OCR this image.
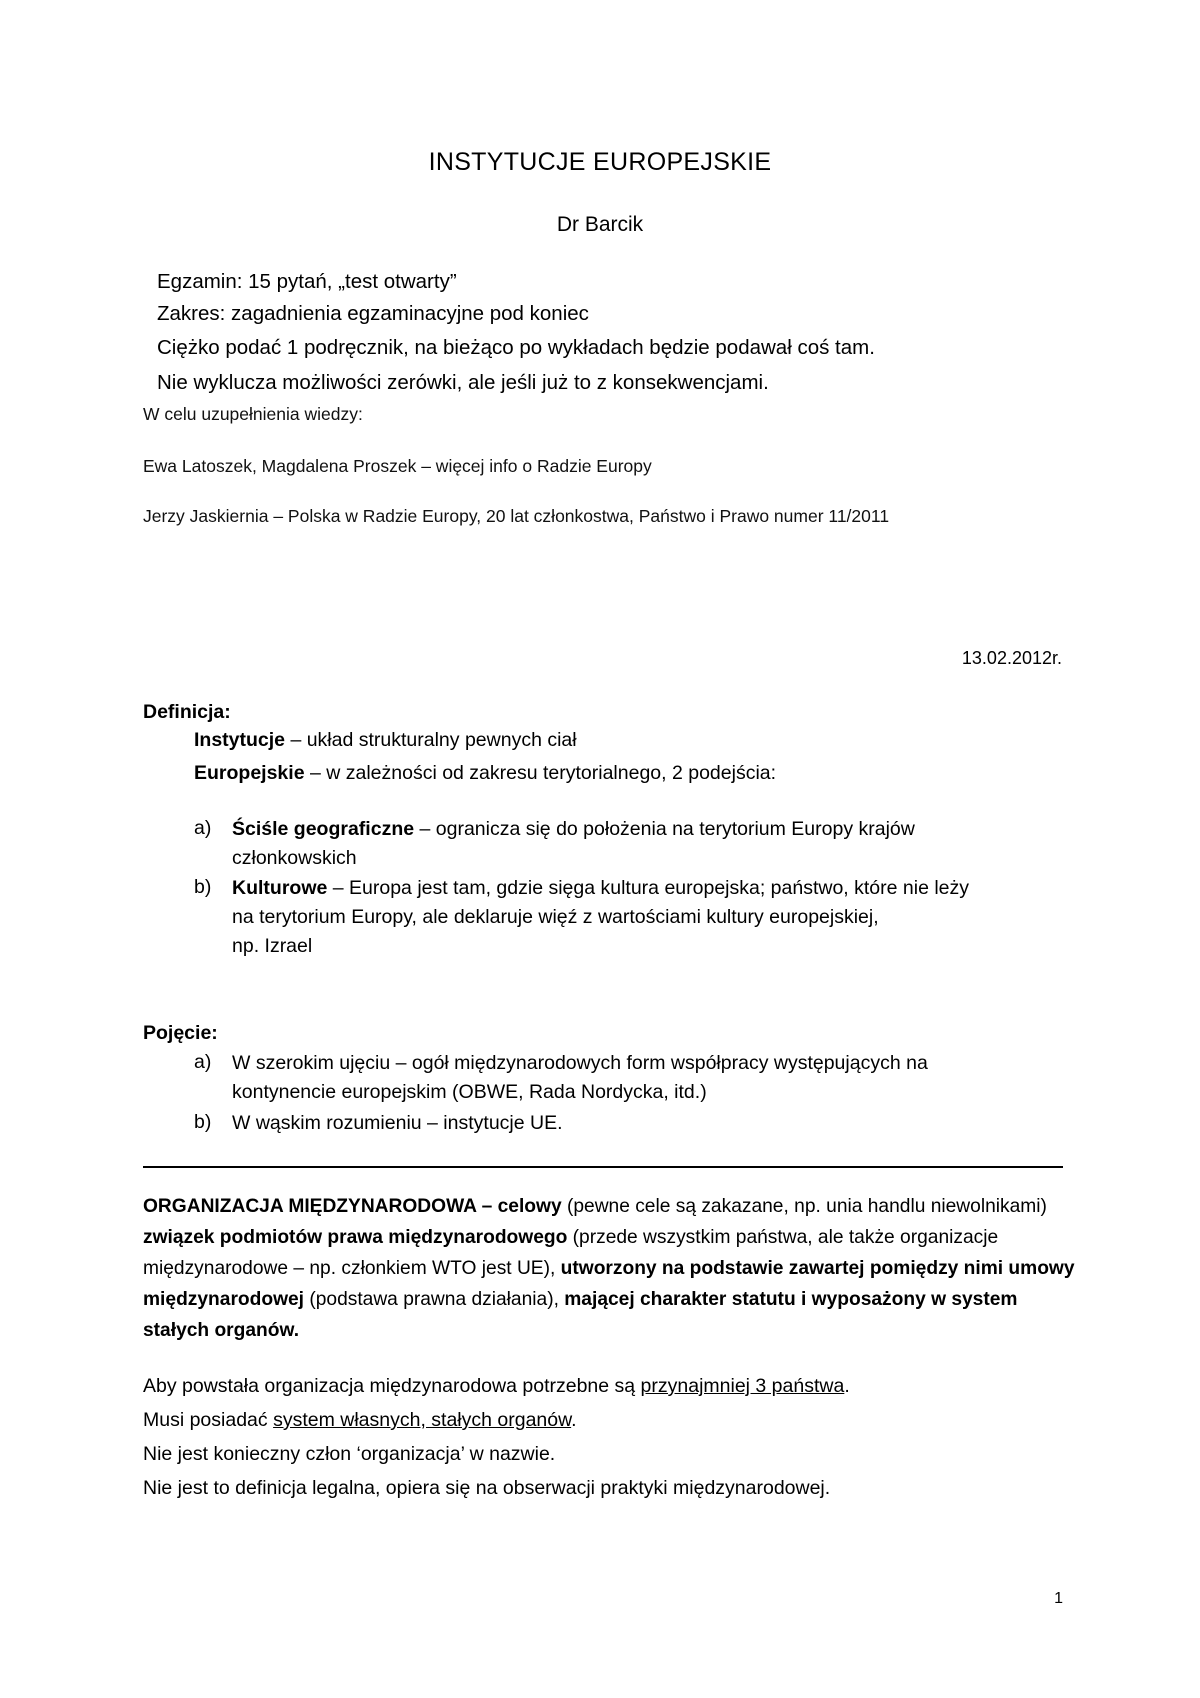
INSTYTUCJE EUROPEJSKIE
Dr Barcik
Egzamin: 15 pytań, „test otwarty”
Zakres: zagadnienia egzaminacyjne pod koniec
Ciężko podać 1 podręcznik, na bieżąco po wykładach będzie podawał coś tam.
Nie wyklucza możliwości zerówki, ale jeśli już to z konsekwencjami.
W celu uzupełnienia wiedzy:
Ewa Latoszek, Magdalena Proszek – więcej info o Radzie Europy
Jerzy Jaskiernia – Polska w Radzie Europy, 20 lat członkostwa, Państwo i Prawo numer 11/2011
13.02.2012r.
Definicja:
Instytucje – układ strukturalny pewnych ciał
Europejskie – w zależności od zakresu terytorialnego, 2 podejścia:
a) Ściśle geograficzne – ogranicza się do położenia na terytorium Europy krajów
członkowskich
b) Kulturowe – Europa jest tam, gdzie sięga kultura europejska; państwo, które nie leży
na terytorium Europy, ale deklaruje więź z wartościami kultury europejskiej,
np. Izrael
Pojęcie:
a) W szerokim ujęciu – ogół międzynarodowych form współpracy występujących na
kontynencie europejskim (OBWE, Rada Nordycka, itd.)
b) W wąskim rozumieniu – instytucje UE.
ORGANIZACJA MIĘDZYNARODOWA – celowy (pewne cele są zakazane, np. unia handlu niewolnikami) związek podmiotów prawa międzynarodowego (przede wszystkim państwa, ale także organizacje międzynarodowe – np. członkiem WTO jest UE), utworzony na podstawie zawartej pomiędzy nimi umowy międzynarodowej (podstawa prawna działania), mającej charakter statutu i wyposażony w system stałych organów.
Aby powstała organizacja międzynarodowa potrzebne są przynajmniej 3 państwa.
Musi posiadać system własnych, stałych organów.
Nie jest konieczny człon ‘organizacja’ w nazwie.
Nie jest to definicja legalna, opiera się na obserwacji praktyki międzynarodowej.
1
